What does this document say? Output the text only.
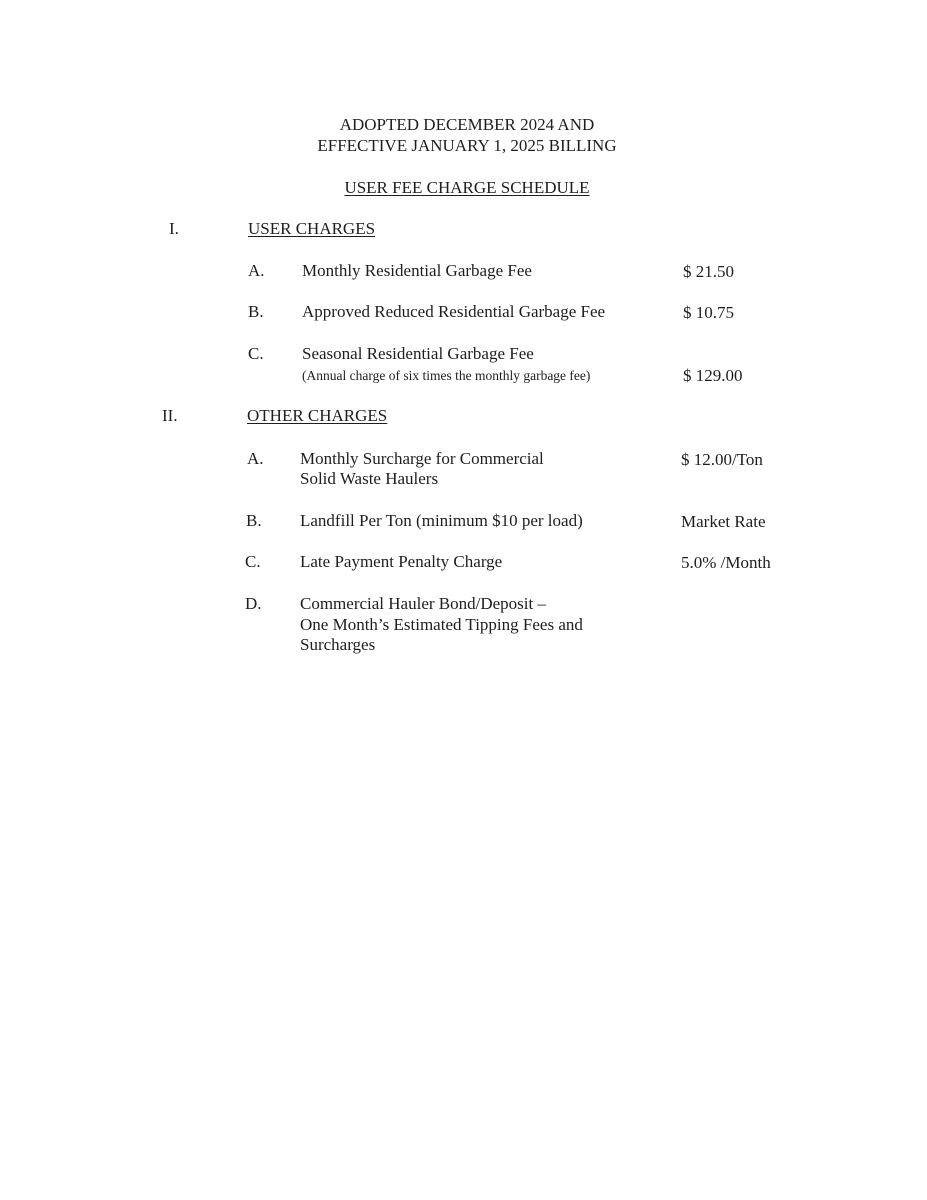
ADOPTED DECEMBER 2024 AND
EFFECTIVE JANUARY 1, 2025 BILLING
USER FEE CHARGE SCHEDULE
I.	USER CHARGES
A. Monthly Residential Garbage Fee	$ 21.50
B. Approved Reduced Residential Garbage Fee	$ 10.75
C. Seasonal Residential Garbage Fee
(Annual charge of six times the monthly garbage fee)	$ 129.00
II.	OTHER CHARGES
A. Monthly Surcharge for Commercial
Solid Waste Haulers
$ 12.00/Ton
B. Landfill Per Ton (minimum $10 per load)	Market Rate
C. Late Payment Penalty Charge	5.0% /Month
D. Commercial Hauler Bond/Deposit –
One Month’s Estimated Tipping Fees and
Surcharges
